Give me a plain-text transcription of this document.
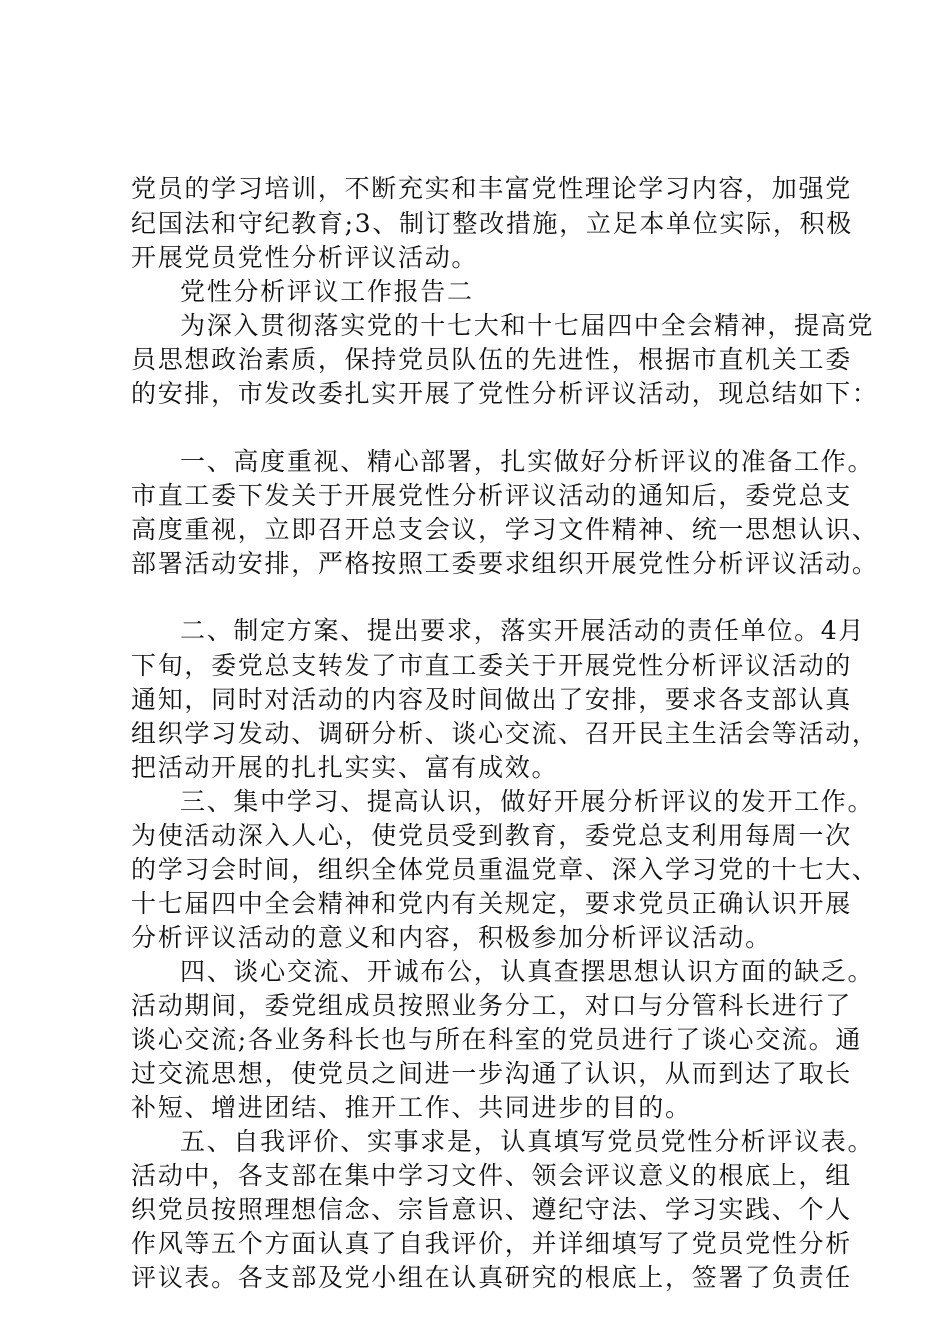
党员的学习培训，不断充实和丰富党性理论学习内容，加强党
纪国法和守纪教育;3、制订整改措施，立足本单位实际，积极
开展党员党性分析评议活动。
党性分析评议工作报告二
为深入贯彻落实党的十七大和十七届四中全会精神，提高党
员思想政治素质，保持党员队伍的先进性，根据市直机关工委
的安排，市发改委扎实开展了党性分析评议活动，现总结如下：
一、高度重视、精心部署，扎实做好分析评议的准备工作。
市直工委下发关于开展党性分析评议活动的通知后，委党总支
高度重视，立即召开总支会议，学习文件精神、统一思想认识、
部署活动安排，严格按照工委要求组织开展党性分析评议活动。
二、制定方案、提出要求，落实开展活动的责任单位。4月
下旬，委党总支转发了市直工委关于开展党性分析评议活动的
通知，同时对活动的内容及时间做出了安排，要求各支部认真
组织学习发动、调研分析、谈心交流、召开民主生活会等活动，
把活动开展的扎扎实实、富有成效。
三、集中学习、提高认识，做好开展分析评议的发开工作。
为使活动深入人心，使党员受到教育，委党总支利用每周一次
的学习会时间，组织全体党员重温党章、深入学习党的十七大、
十七届四中全会精神和党内有关规定，要求党员正确认识开展
分析评议活动的意义和内容，积极参加分析评议活动。
四、谈心交流、开诚布公，认真查摆思想认识方面的缺乏。
活动期间，委党组成员按照业务分工，对口与分管科长进行了
谈心交流;各业务科长也与所在科室的党员进行了谈心交流。通
过交流思想，使党员之间进一步沟通了认识，从而到达了取长
补短、增进团结、推开工作、共同进步的目的。
五、自我评价、实事求是，认真填写党员党性分析评议表。
活动中，各支部在集中学习文件、领会评议意义的根底上，组
织党员按照理想信念、宗旨意识、遵纪守法、学习实践、个人
作风等五个方面认真了自我评价，并详细填写了党员党性分析
评议表。各支部及党小组在认真研究的根底上，签署了负责任
